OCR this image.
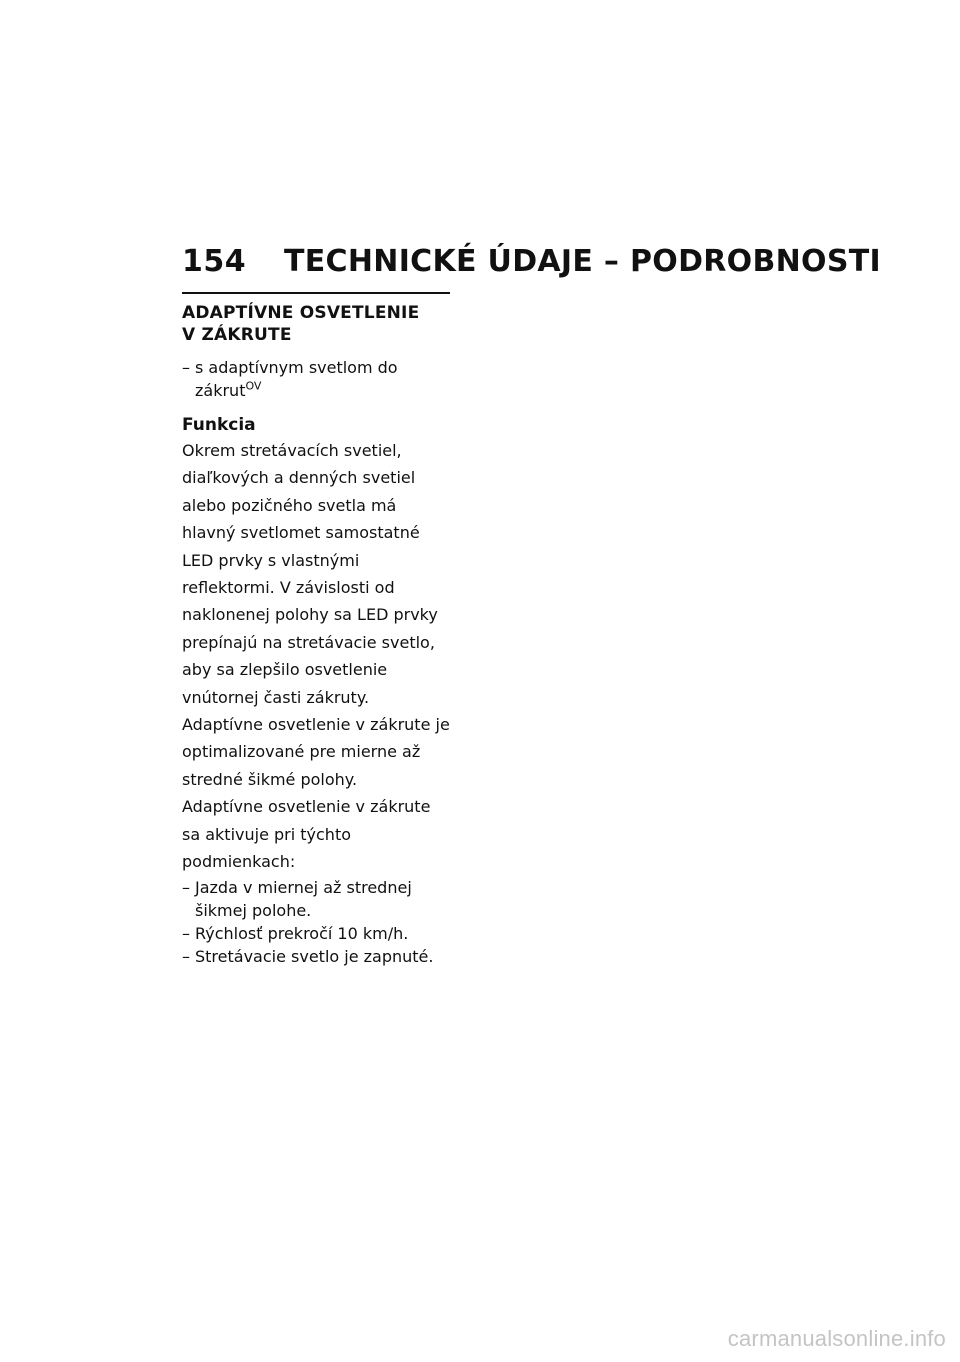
154 TECHNICKÉ ÚDAJE – PODROBNOSTI
ADAPTÍVNE OSVETLENIE
V ZÁKRUTE
– s adaptívnym svetlom do zákrut$^{OV}$
Funkcia

Okrem stretávacích svetiel, diaľkových a denných svetiel alebo pozičného svetla má hlavný svetlomet samostatné LED prvky s vlastnými reflektormi. V závislosti od naklonenej polohy sa LED prvky prepínajú na stretávacie svetlo, aby sa zlepšilo osvetlenie vnútornej časti zákruty. Adaptívne osvetlenie v zákrute je optimalizované pre mierne až stredné šikmé polohy.

Adaptívne osvetlenie v zákrute sa aktivuje pri týchto podmienkach:

– Jazda v miernej až strednej šikmej polohe.
– Rýchlosť prekročí 10 km/h.
– Stretávacie svetlo je zapnuté.
carmanualsonline.info
